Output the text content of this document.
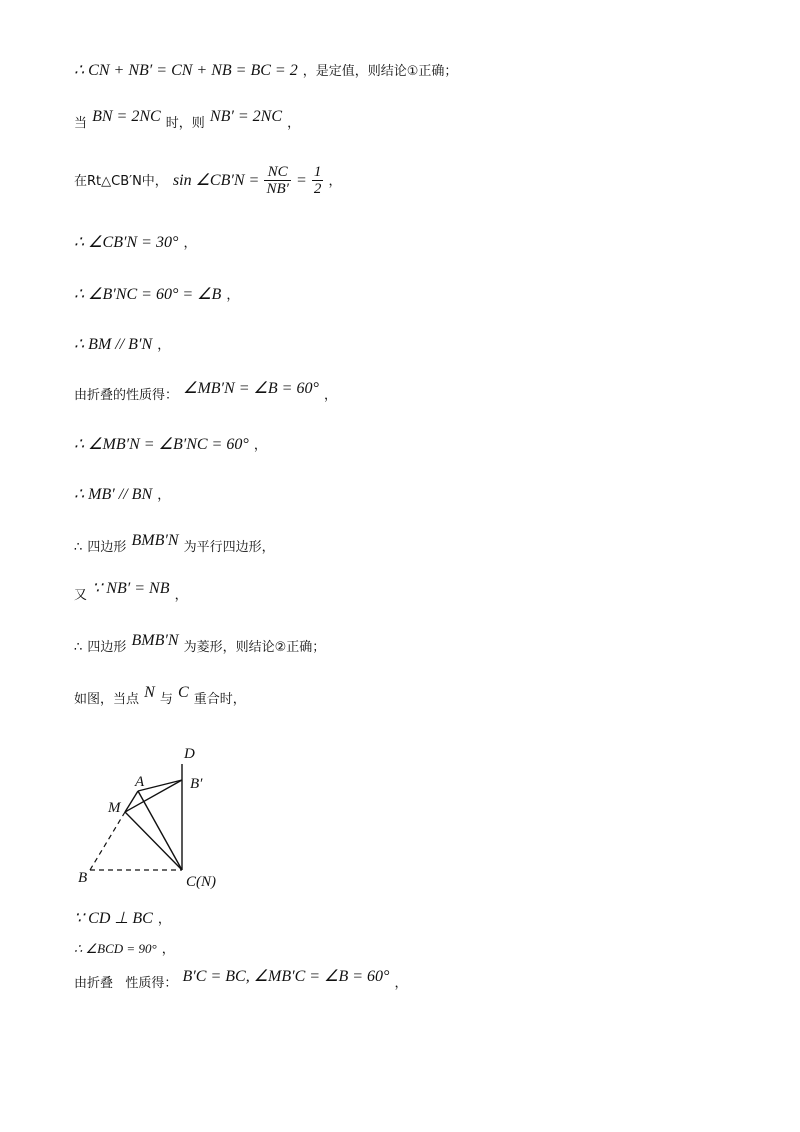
∴ CN + NB′ = CN + NB = BC = 2 ，是定值，则结论①正确；
当 BN = 2NC 时，则 NB′ = 2NC ，
在Rt△CB′N中， sin ∠CB′N = $\frac{NC}{NB'} = \frac{1}{2}$ ，
∴ ∠CB′N = 30° ，
∴ ∠B′NC = 60° = ∠B ，
∴ BM // B′N ，
由折叠的性质得： ∠MB′N = ∠B = 60° ，
∴ ∠MB′N = ∠B′NC = 60° ，
∴ MB′ // BN ，
∴ 四边形 BMB′N 为平行四边形，
又 ∵ NB′ = NB ，
∴ 四边形 BMB′N 为菱形，则结论②正确；
如图，当点 N 与 C 重合时，
D
A	B′
M
B	C(N)
∵ CD ⊥ BC ，
∴ ∠BCD = 90° ，
由折叠   性质得： B′C = BC, ∠MB′C = ∠B = 60° ，
